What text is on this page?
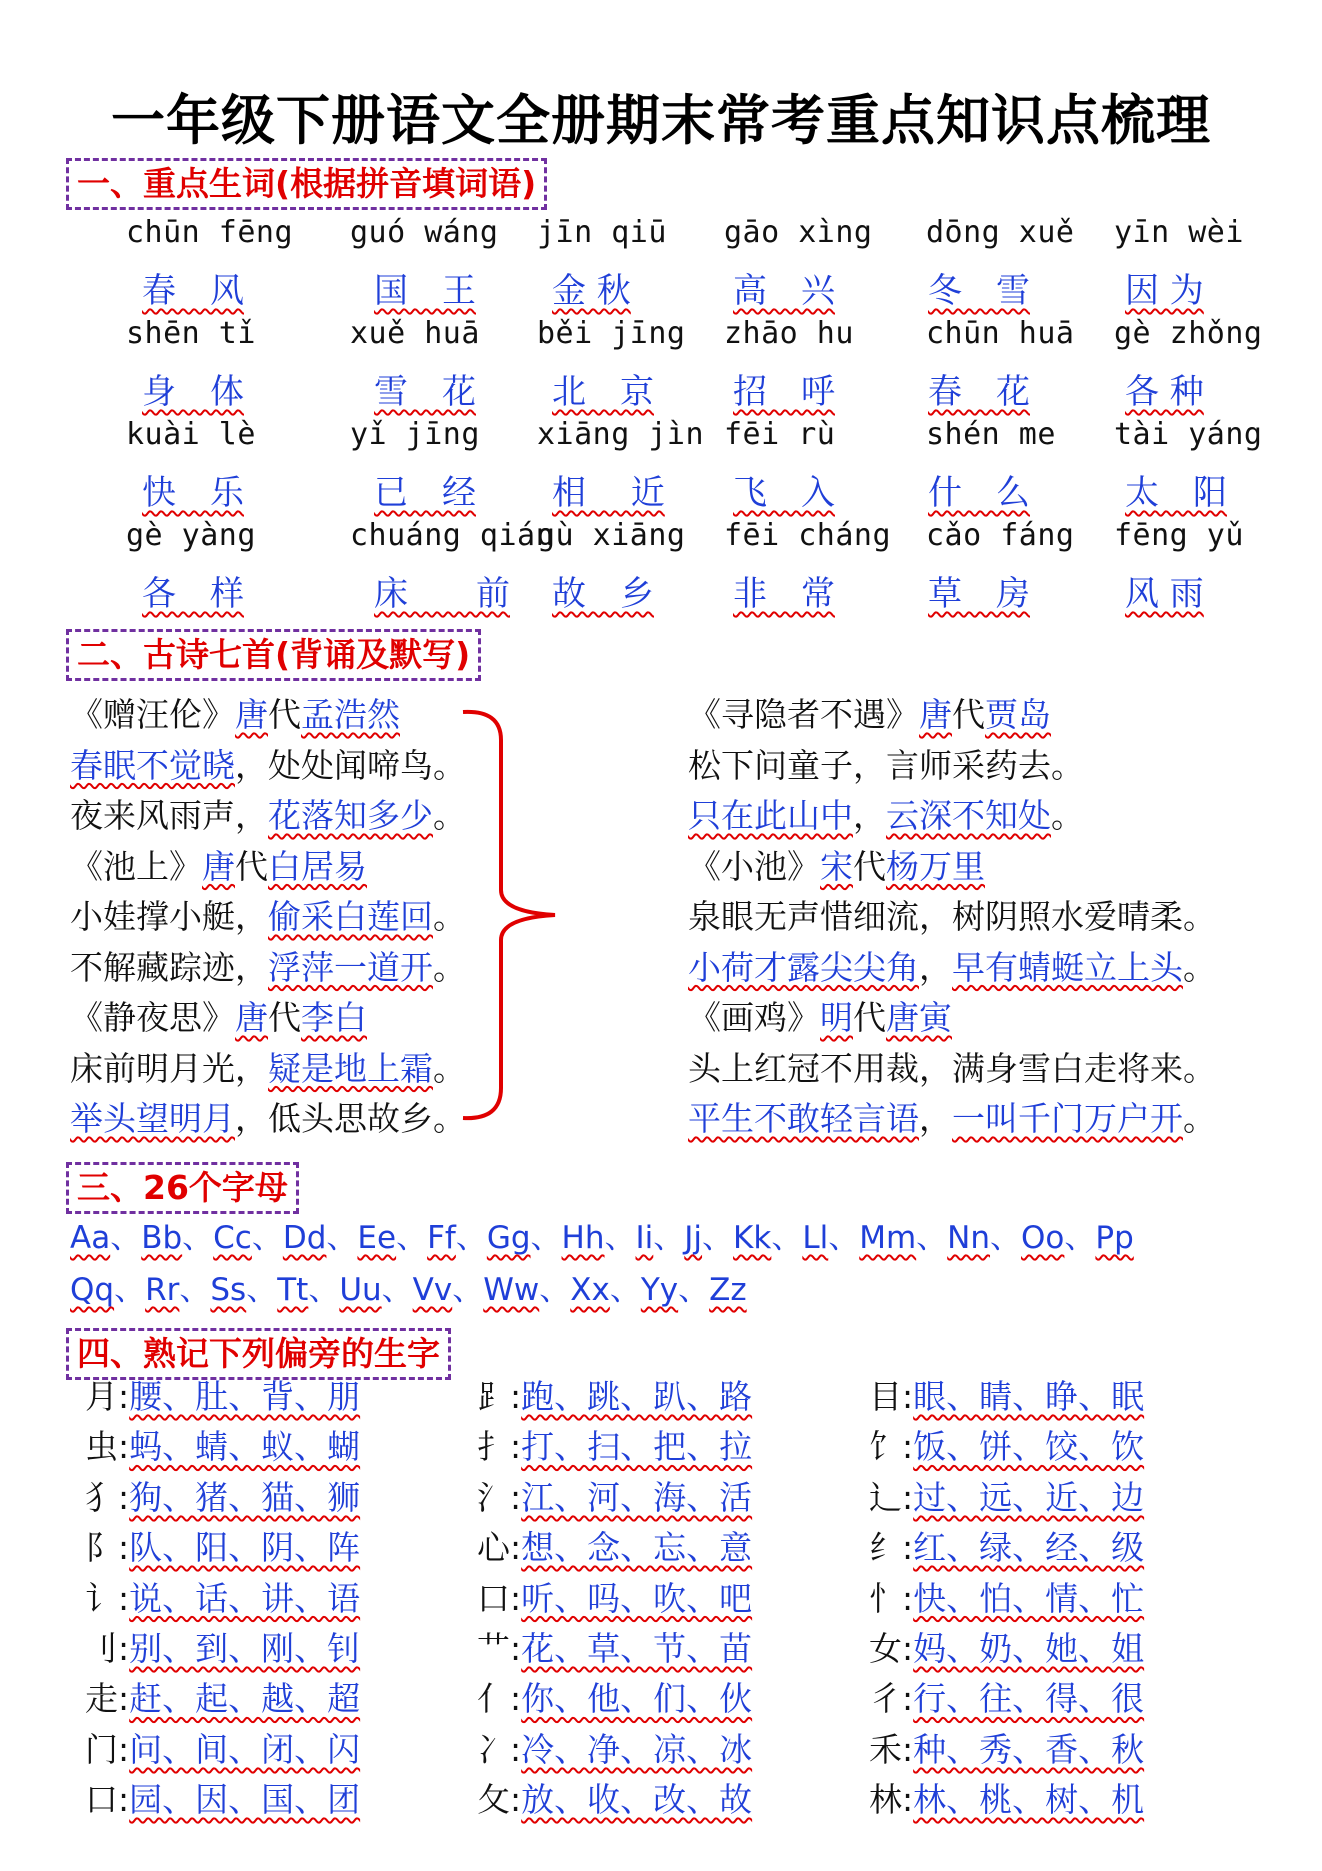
一年级下册语文全册期末常考重点知识点梳理
一、重点生词(根据拼音填词语)
chūn fēng
春　风
guó wáng
国　王
jīn qiū
金 秋
gāo xìng
高　兴
dōng xuě
冬　雪
yīn wèi
因 为
shēn tǐ
身　体
xuě huā
雪　花
běi jīng
北　京
zhāo hu
招　呼
chūn huā
春　花
gè zhǒng
各 种
kuài lè
快　乐
yǐ jīng
已　经
xiāng jìn
相　 近
fēi rù
飞　入
shén me
什　么
tài yáng
太　阳
gè yàng
各　样
chuáng qián
床　　前
gù xiāng
故　乡
fēi cháng
非　常
cǎo fáng
草　房
fēng yǔ
风 雨
二、古诗七首(背诵及默写)
《赠汪伦》唐代孟浩然
春眠不觉晓，处处闻啼鸟。
夜来风雨声，花落知多少。
《池上》唐代白居易
小娃撑小艇，偷采白莲回。
不解藏踪迹，浮萍一道开。
《静夜思》唐代李白
床前明月光，疑是地上霜。
举头望明月，低头思故乡。
《寻隐者不遇》唐代贾岛
松下问童子，言师采药去。
只在此山中，云深不知处。
《小池》宋代杨万里
泉眼无声惜细流，树阴照水爱晴柔。
小荷才露尖尖角，早有蜻蜓立上头。
《画鸡》明代唐寅
头上红冠不用裁，满身雪白走将来。
平生不敢轻言语，一叫千门万户开。
三、26个字母
Aa、Bb、Cc、Dd、Ee、Ff、Gg、Hh、Ii、Jj、Kk、Ll、Mm、Nn、Oo、Pp
Qq、Rr、Ss、Tt、Uu、Vv、Ww、Xx、Yy、Zz
四、熟记下列偏旁的生字
月:腰、肚、背、朋
虫:蚂、蜻、蚁、蝴
犭:狗、猪、猫、狮
阝:队、阳、阴、阵
讠:说、话、讲、语
刂:别、到、刚、钊
走:赶、起、越、超
门:问、间、闭、闪
口:园、因、国、团
⻊:跑、跳、趴、路
扌:打、扫、把、拉
氵:江、河、海、活
心:想、念、忘、意
口:听、吗、吹、吧
艹:花、草、节、苗
亻:你、他、们、伙
冫:冷、净、凉、冰
攵:放、收、改、故
目:眼、睛、睁、眠
饣:饭、饼、饺、饮
辶:过、远、近、边
纟:红、绿、经、级
忄:快、怕、情、忙
女:妈、奶、她、姐
彳:行、往、得、很
禾:种、秀、香、秋
林:林、桃、树、机
